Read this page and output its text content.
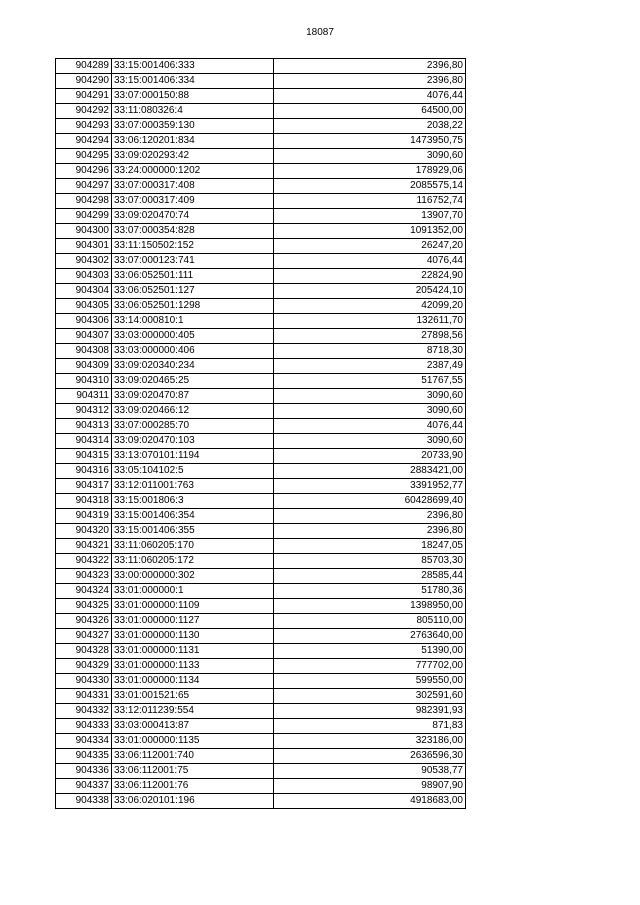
18087
904289	33:15:001406:333	2396,80
904290	33:15:001406:334	2396,80
904291	33:07:000150:88	4076,44
904292	33:11:080326:4	64500,00
904293	33:07:000359:130	2038,22
904294	33:06:120201:834	1473950,75
904295	33:09:020293:42	3090,60
904296	33:24:000000:1202	178929,06
904297	33:07:000317:408	2085575,14
904298	33:07:000317:409	116752,74
904299	33:09:020470:74	13907,70
904300	33:07:000354:828	1091352,00
904301	33:11:150502:152	26247,20
904302	33:07:000123:741	4076,44
904303	33:06:052501:111	22824,90
904304	33:06:052501:127	205424,10
904305	33:06:052501:1298	42099,20
904306	33:14:000810:1	132611,70
904307	33:03:000000:405	27898,56
904308	33:03:000000:406	8718,30
904309	33:09:020340:234	2387,49
904310	33:09:020465:25	51767,55
904311	33:09:020470:87	3090,60
904312	33:09:020466:12	3090,60
904313	33:07:000285:70	4076,44
904314	33:09:020470:103	3090,60
904315	33:13:070101:1194	20733,90
904316	33:05:104102:5	2883421,00
904317	33:12:011001:763	3391952,77
904318	33:15:001806:3	60428699,40
904319	33:15:001406:354	2396,80
904320	33:15:001406:355	2396,80
904321	33:11:060205:170	18247,05
904322	33:11:060205:172	85703,30
904323	33:00:000000:302	28585,44
904324	33:01:000000:1	51780,36
904325	33:01:000000:1109	1398950,00
904326	33:01:000000:1127	805110,00
904327	33:01:000000:1130	2763640,00
904328	33:01:000000:1131	51390,00
904329	33:01:000000:1133	777702,00
904330	33:01:000000:1134	599550,00
904331	33:01:001521:65	302591,60
904332	33:12:011239:554	982391,93
904333	33:03:000413:87	871,83
904334	33:01:000000:1135	323186,00
904335	33:06:112001:740	2636596,30
904336	33:06:112001:75	90538,77
904337	33:06:112001:76	98907,90
904338	33:06:020101:196	4918683,00
